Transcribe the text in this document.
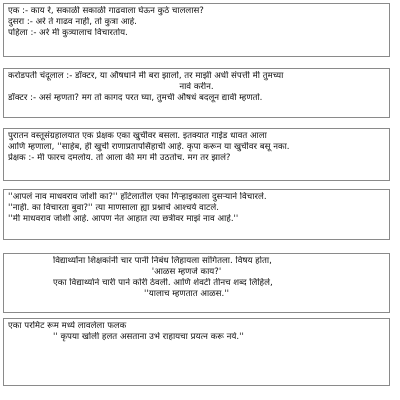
एक :- काय रे, सकाळी सकाळी गाढवाला घेऊन कुठे चाललास?
दुसरा :- अरे ते गाढव नाही, तो कुत्रा आहे.
पहिला :- अरे मी कुत्र्यालाच विचारतोय.
करोडपती चंदूलाल :- डॉक्टर, या औषधाने मी बरा झालो, तर माझी अर्धी संपत्ती मी तुमच्या
नावे करीन.
डॉक्टर :- असं म्हणता? मग तो कागद परत घ्या, तुमची औषधं बदलून द्यावी म्हणतो.
पुरातन वस्तूसंग्रहालयात एक प्रेक्षक एका खुर्चीवर बसला. इतक्यात गाईड धावत आला
आणि म्हणाला, ''साहेब, ही खुर्ची राणाप्रतापसिंहाची आहे. कृपा करून या खुर्चीवर बसू नका.
प्रेक्षक :- मी फारच दमलोय. तो आला की मग मी उठतोच. मग तर झालं?
''आपलं नाव माधवराव जोशी का?'' हॉटेलातील एका गिऱ्हाइकाला दुसऱ्याने विचारले.
''नाही. का विचारता बुवा?'' त्या माणसाला ह्या प्रश्नाचे आश्चर्य वाटले.
''मी माधवराव जोशी आहे. आपण नेत आहात त्या छत्रीवर माझं नाव आहे.''
विद्यार्थ्यांना शिक्षकांनी चार पानी निबंध लिहायला सांगितला. विषय होता,
'आळस म्हणजे काय?'
एका विद्यार्थ्याने चारी पाने कोरी ठेवली. आणि शेवटी तीनच शब्द लिहिले,
''यालाच म्हणतात आळस.''
एका परमिट रूम मध्ये लावलेला फलक
'' कृपया खोली हलत असताना उभे राहायचा प्रयत्न करू नये.''
